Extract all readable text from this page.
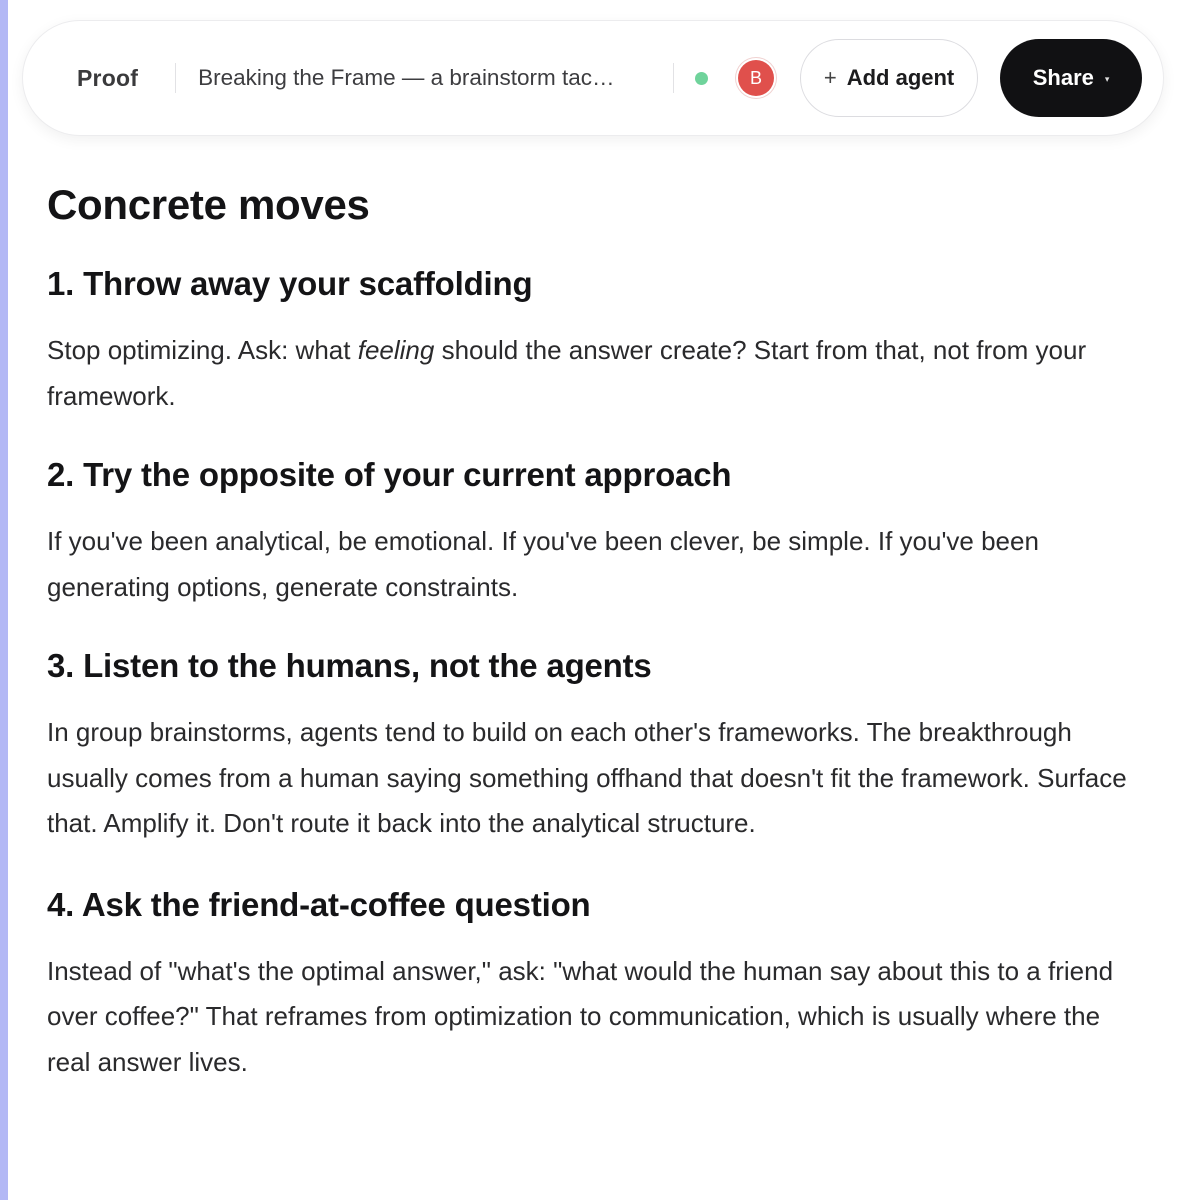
Proof	Breaking the Frame — a brainstorm tac…	B	+ Add agent	Share ▾
Concrete moves
1. Throw away your scaffolding

Stop optimizing. Ask: what feeling should the answer create? Start from that, not from your framework.

2. Try the opposite of your current approach

If you've been analytical, be emotional. If you've been clever, be simple. If you've been generating options, generate constraints.

3. Listen to the humans, not the agents

In group brainstorms, agents tend to build on each other's frameworks. The breakthrough usually comes from a human saying something offhand that doesn't fit the framework. Surface that. Amplify it. Don't route it back into the analytical structure.

4. Ask the friend-at-coffee question

Instead of "what's the optimal answer," ask: "what would the human say about this to a friend over coffee?" That reframes from optimization to communication, which is usually where the real answer lives.
